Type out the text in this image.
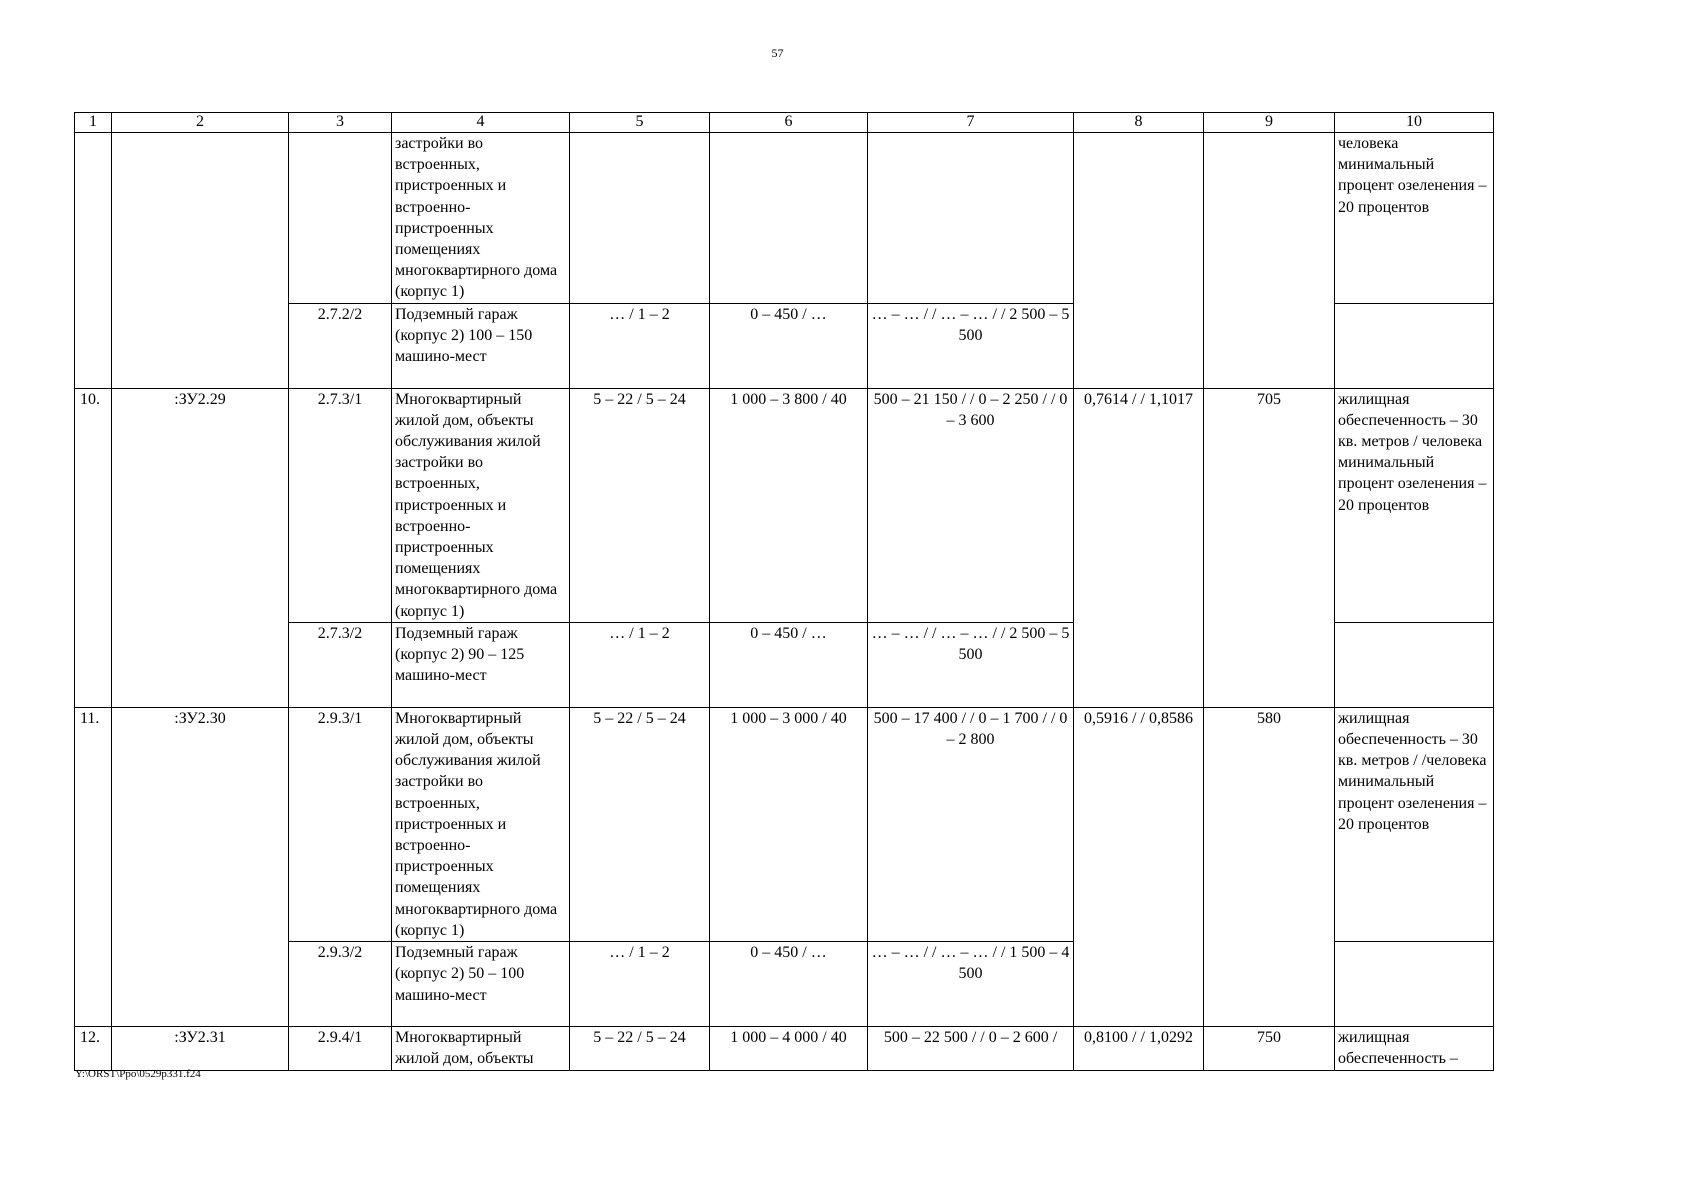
57
1	2	3	4	5	6	7	8	9	10
			застройки во встроенных, пристроенных и встроенно-пристроенных помещениях многоквартирного дома (корпус 1)						человека минимальный процент озеленения – 20 процентов
		2.7.2/2	Подземный гараж (корпус 2) 100 – 150 машино-мест	… / 1 – 2	0 – 450 / …	… – … / / … – … / / 2 500 – 5 500			
10.	:ЗУ2.29	2.7.3/1	Многоквартирный жилой дом, объекты обслуживания жилой застройки во встроенных, пристроенных и встроенно-пристроенных помещениях многоквартирного дома (корпус 1)	5 – 22 / 5 – 24	1 000 – 3 800 / 40	500 – 21 150 / / 0 – 2 250 / / 0 – 3 600	0,7614 / / 1,1017	705	жилищная обеспеченность – 30 кв. метров / человека минимальный процент озеленения – 20 процентов
		2.7.3/2	Подземный гараж (корпус 2) 90 – 125 машино-мест	… / 1 – 2	0 – 450 / …	… – … / / … – … / / 2 500 – 5 500			
11.	:ЗУ2.30	2.9.3/1	Многоквартирный жилой дом, объекты обслуживания жилой застройки во встроенных, пристроенных и встроенно-пристроенных помещениях многоквартирного дома (корпус 1)	5 – 22 / 5 – 24	1 000 – 3 000 / 40	500 – 17 400 / / 0 – 1 700 / / 0 – 2 800	0,5916 / / 0,8586	580	жилищная обеспеченность – 30 кв. метров / /человека минимальный процент озеленения – 20 процентов
		2.9.3/2	Подземный гараж (корпус 2) 50 – 100 машино-мест	… / 1 – 2	0 – 450 / …	… – … / / … – … / / 1 500 – 4 500			
12.	:ЗУ2.31	2.9.4/1	Многоквартирный жилой дом, объекты	5 – 22 / 5 – 24	1 000 – 4 000 / 40	500 – 22 500 / / 0 – 2 600 /	0,8100 / / 1,0292	750	жилищная обеспеченность –
Y:\ORST\Ppo\0529p331.f24
